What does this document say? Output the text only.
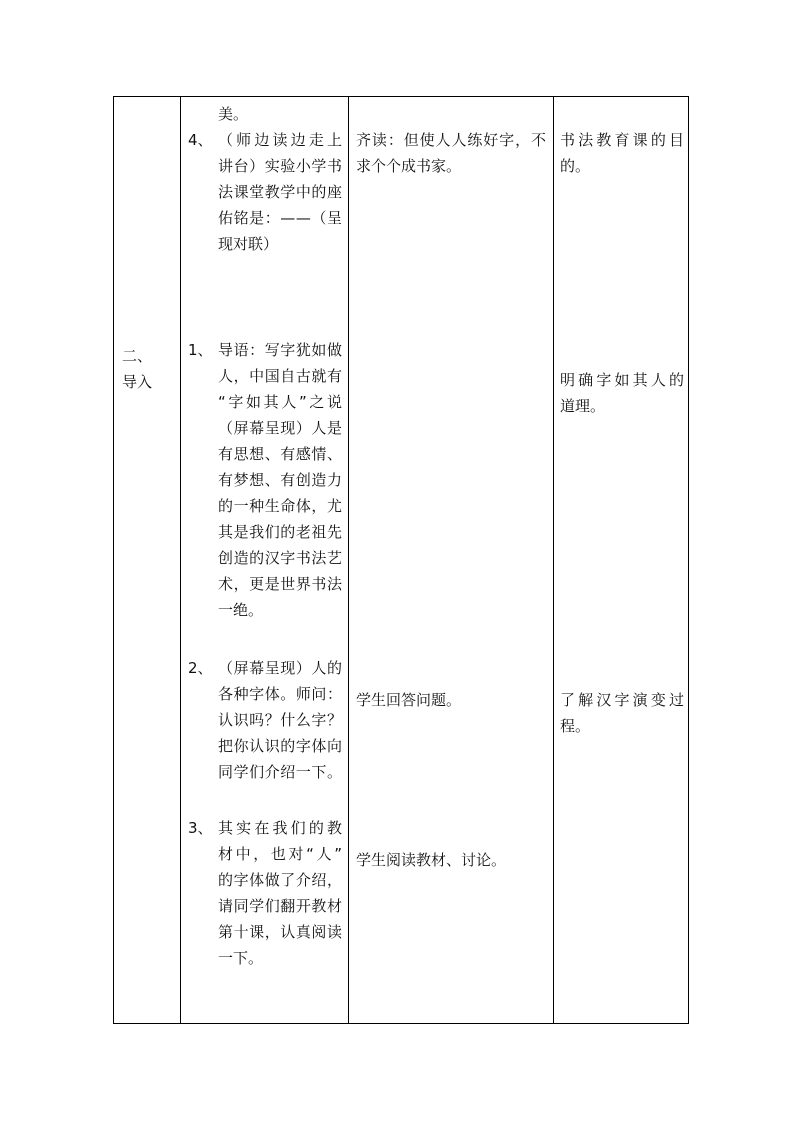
二、
导入
美。
4、 （师边读边走上
讲台）实验小学书
法课堂教学中的座
佑铭是：——（呈
现对联）
1、 导语：写字犹如做
人，中国自古就有
“字如其人”之说
（屏幕呈现）人是
有思想、有感情、
有梦想、有创造力
的一种生命体，尤
其是我们的老祖先
创造的汉字书法艺
术，更是世界书法
一绝。
2、 （屏幕呈现）人的
各种字体。师问：
认识吗？什么字？
把你认识的字体向
同学们介绍一下。
3、 其实在我们的教
材中，也对“人”
的字体做了介绍，
请同学们翻开教材
第十课，认真阅读
一下。
齐读：但使人人练好字，不
求个个成书家。
学生回答问题。
学生阅读教材、讨论。
书法教育课的目
的。
明确字如其人的
道理。
了解汉字演变过
程。
